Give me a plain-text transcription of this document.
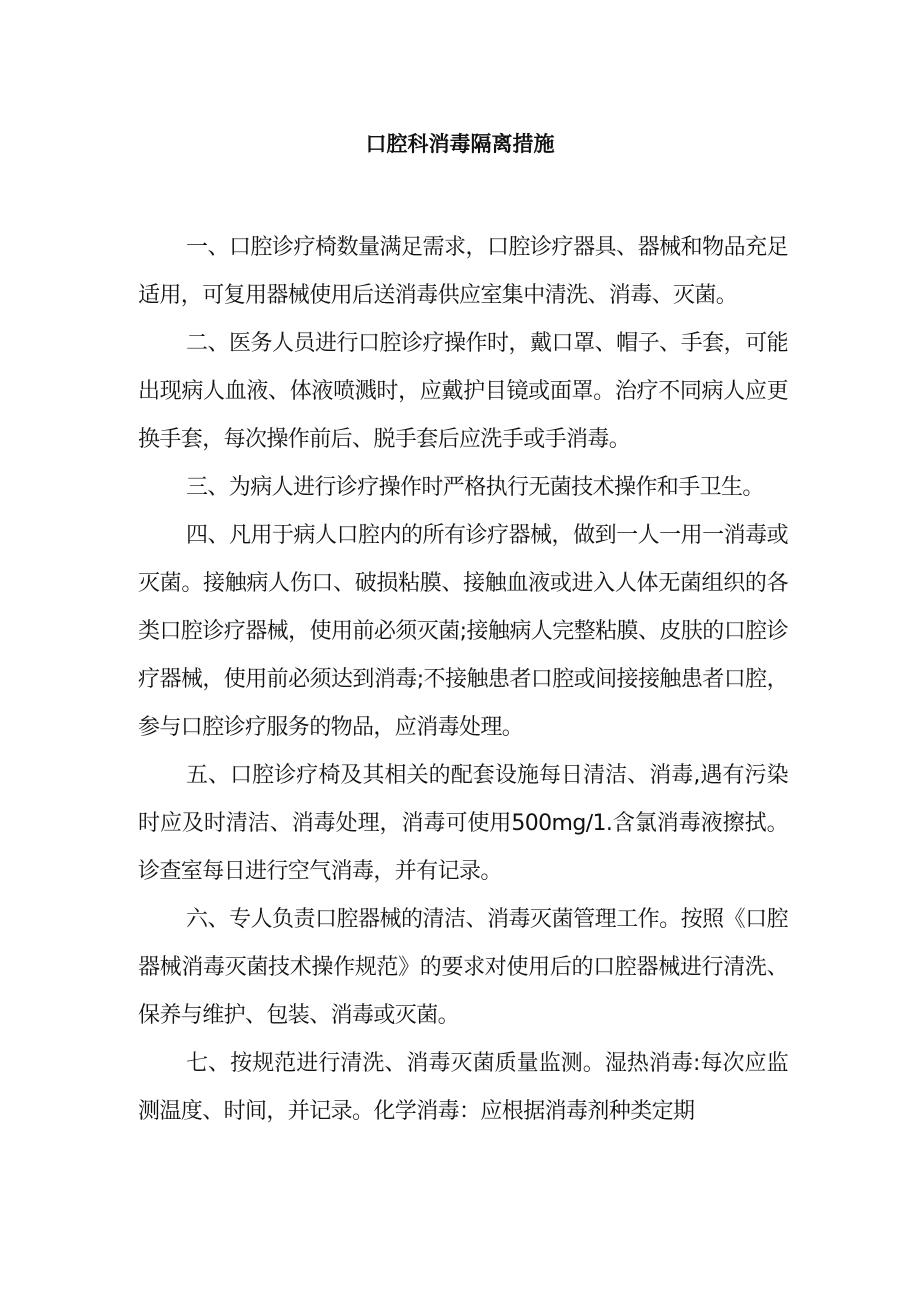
口腔科消毒隔离措施

一、口腔诊疗椅数量满足需求，口腔诊疗器具、器械和物品充足适用，可复用器械使用后送消毒供应室集中清洗、消毒、灭菌。

二、医务人员进行口腔诊疗操作时，戴口罩、帽子、手套，可能出现病人血液、体液喷溅时，应戴护目镜或面罩。治疗不同病人应更换手套，每次操作前后、脱手套后应洗手或手消毒。

三、为病人进行诊疗操作时严格执行无菌技术操作和手卫生。

四、凡用于病人口腔内的所有诊疗器械，做到一人一用一消毒或灭菌。接触病人伤口、破损粘膜、接触血液或进入人体无菌组织的各类口腔诊疗器械，使用前必须灭菌;接触病人完整粘膜、皮肤的口腔诊疗器械，使用前必须达到消毒;不接触患者口腔或间接接触患者口腔，参与口腔诊疗服务的物品，应消毒处理。

五、口腔诊疗椅及其相关的配套设施每日清洁、消毒,遇有污染时应及时清洁、消毒处理，消毒可使用500mg∕1.含氯消毒液擦拭。诊查室每日进行空气消毒，并有记录。

六、专人负责口腔器械的清洁、消毒灭菌管理工作。按照《口腔器械消毒灭菌技术操作规范》的要求对使用后的口腔器械进行清洗、保养与维护、包装、消毒或灭菌。

七、按规范进行清洗、消毒灭菌质量监测。湿热消毒:每次应监测温度、时间，并记录。化学消毒：应根据消毒剂种类定期
